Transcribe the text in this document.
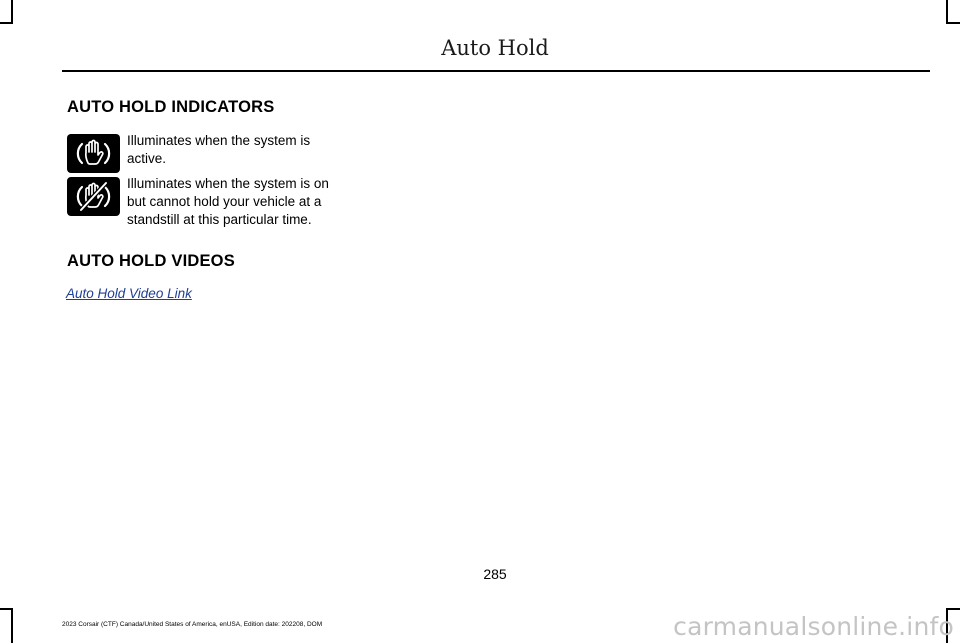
Auto Hold
AUTO HOLD INDICATORS
Illuminates when the system is active.
Illuminates when the system is on but cannot hold your vehicle at a standstill at this particular time.
AUTO HOLD VIDEOS
Auto Hold Video Link
285
2023 Corsair (CTF) Canada/United States of America, enUSA, Edition date: 202208, DOM	carmanualsonline.info
